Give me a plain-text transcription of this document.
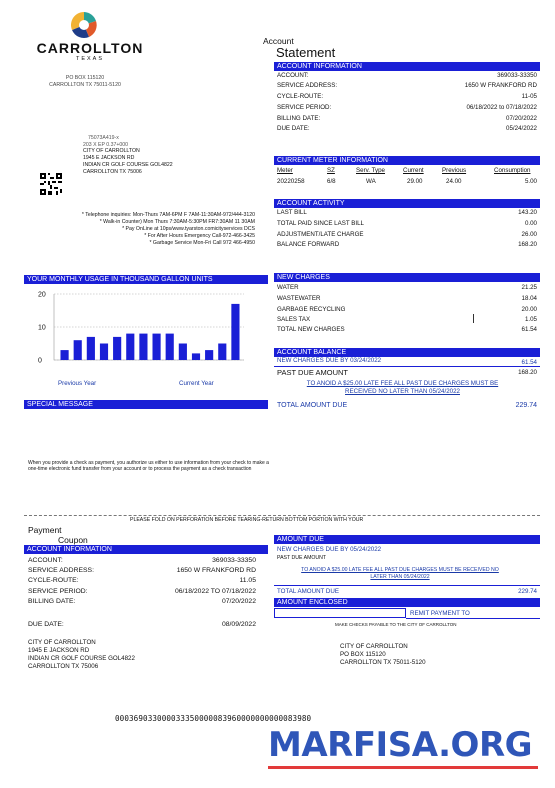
CARROLLTON
TEXAS
PO BOX 115120
CARROLLTON TX 75011-5120
75073A419-x
203 X EP 0.37+000
CITY OF CARROLLTON
1945 E JACKSON RD
INDIAN CR GOLF COURSE GOL4822
CARROLLTON TX 75006
* Telephone inquiries: Mon-Thurs 7AM-6PM F 7AM-11:30AM-972/444-3120
* Walk-in Counter) Mon Thurs 7:30AM-5:30PM FR7:30AM 11 30AM
* Pay OnLine at 10ps/www.tyarston.comicityservices DCS
* For After Hours Emergency Call-972-466-3425
* Garbage Service Mon-Fri Call 972 466-4950
Account
Statement
ACCOUNT INFORMATION
ACCOUNT:	369033-33350
SERVICE ADDRESS:	1650 W FRANKFORD RD
CYCLE-ROUTE:	11-05
SERVICE PERIOD:	06/18/2022 to 07/18/2022
BILLING DATE:	07/20/2022
DUE DATE:	05/24/2022
CURRENT METER INFORMATION
Meter	SZ	Serv. Type	Current	Previous	Consumption
20220258	6/8	WA	29.00	24.00	5.00
ACCOUNT ACTIVITY
LAST BILL	143.20
TOTAL PAID SINCE LAST BILL	0.00
ADJUSTMENT/LATE CHARGE	26.00
BALANCE FORWARD	168.20
YOUR MONTHLY USAGE IN THOUSAND GALLON UNITS
20
10
0
Previous Year	Current Year
SPECIAL MESSAGE
When you provide a check as payment, you authorize us either to use information from your check to make a one-time electronic fund transfer from your account or to process the payment as a check transaction
NEW CHARGES
WATER	21.25
WASTEWATER	18.04
GARBAGE RECYCLING	20.00
SALES TAX	1.05
TOTAL NEW CHARGES	61.54
ACCOUNT BALANCE
NEW CHARGES DUE BY 03/24/2022	61.54
PAST DUE AMOUNT	168.20
TO ANOID A $25.00 LATE FEE ALL PAST DUE CHARGES MUST BE RECEIVED NO LATER THAN 05/24/2022
TOTAL AMOUNT DUE	229.74
PLEASE FOLD ON PERFORATION BEFORE TEARING-RETURN BOTTOM PORTION WITH YOUR
Payment
Coupon
ACCOUNT INFORMATION
ACCOUNT:	369033-33350
SERVICE ADDRESS:	1650 W FRANKFORD RD
CYCLE-ROUTE:	11.05
SERVICE PERIOD:	06/18/2022 TO 07/18/2022
BILLING DATE:	07/20/2022
DUE DATE:	08/09/2022
CITY OF CARROLLTON
1945 E JACKSON RD
INDIAN CR GOLF COURSE GOL4822
CARROLLTON TX 75006
AMOUNT DUE
NEW CHARGES DUE BY 05/24/2022
PAST DUE AMOUNT
TO ANOID A $25.00 LATE FEE ALL PAST DUE CHARGES MUST BE RECEIVED NO LATER THAN 05/24/2022
TOTAL AMOUNT DUE	229.74
AMOUNT ENCLOSED
REMIT PAYMENT TO
MAKE CHECKS PAYABLE TO THE CITY OF CARROLLTON
CITY OF CARROLLTON
PO BOX 115120
CARROLLTON TX 75011-5120
000369033000033350000083960000000000083980
MARFISA.ORG
